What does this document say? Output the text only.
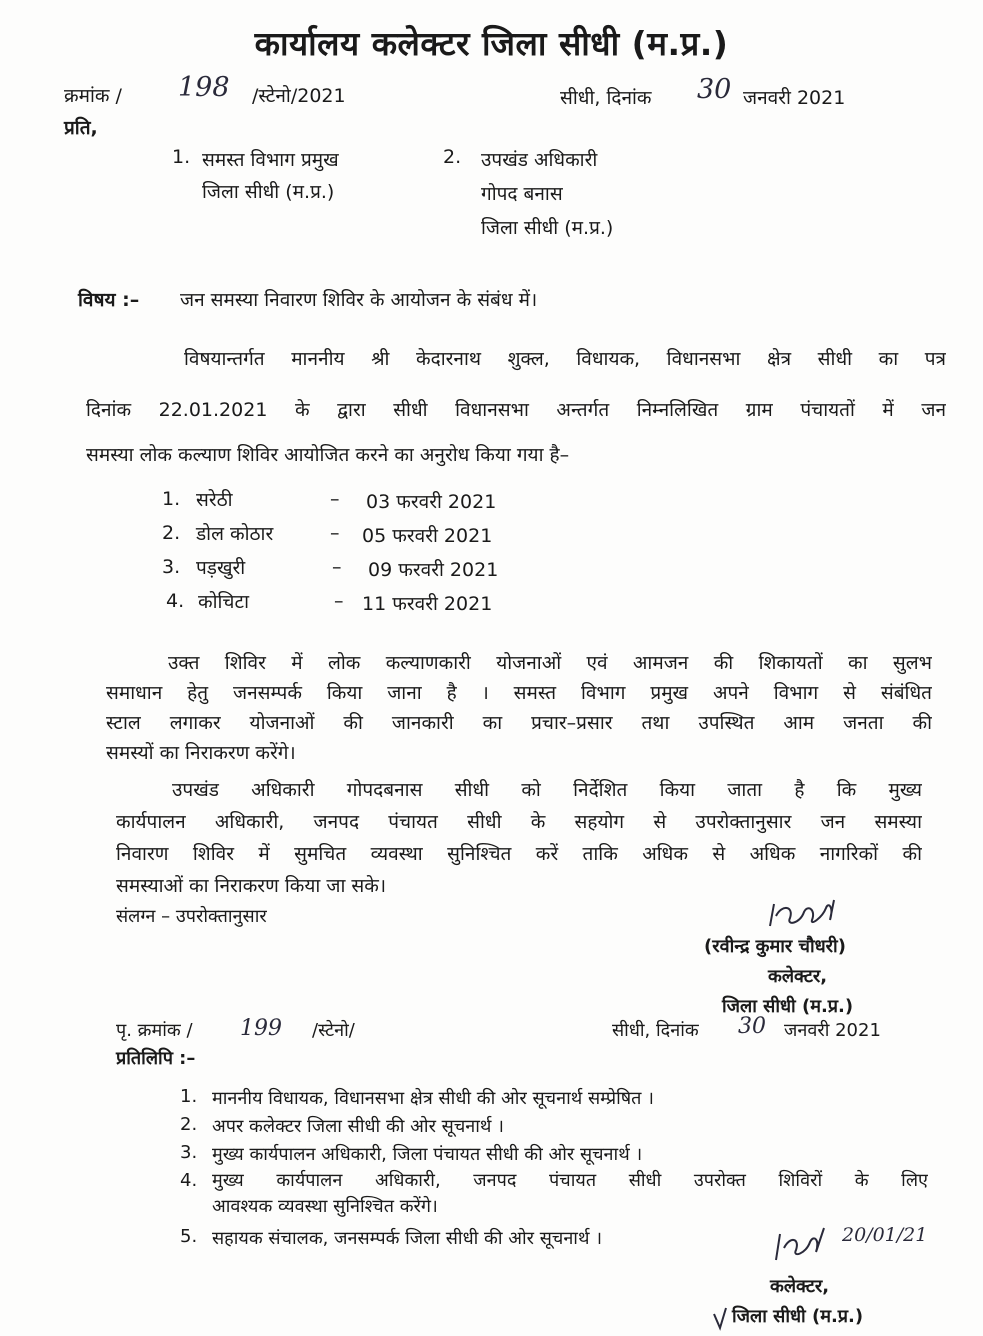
कार्यालय कलेक्टर जिला सीधी (म.प्र.)
क्रमांक / 198 /स्टेनो/2021	सीधी, दिनांक 30 जनवरी 2021
प्रति,
1. समस्त विभाग प्रमुख
जिला सीधी (म.प्र.)
2. उपखंड अधिकारी
गोपद बनास
जिला सीधी (म.प्र.)
विषय :– जन समस्या निवारण शिविर के आयोजन के संबंध में।
विषयान्तर्गत माननीय श्री केदारनाथ शुक्ल, विधायक, विधानसभा क्षेत्र सीधी का पत्र
दिनांक 22.01.2021 के द्वारा सीधी विधानसभा अन्तर्गत निम्नलिखित ग्राम पंचायतों में जन
समस्या लोक कल्याण शिविर आयोजित करने का अनुरोध किया गया है–
1. सरेठी	– 03 फरवरी 2021
2. डोल कोठार	– 05 फरवरी 2021
3. पड़खुरी	– 09 फरवरी 2021
4. कोचिटा	– 11 फरवरी 2021
उक्त शिविर में लोक कल्याणकारी योजनाओं एवं आमजन की शिकायतों का सुलभ
समाधान हेतु जनसम्पर्क किया जाना है । समस्त विभाग प्रमुख अपने विभाग से संबंधित
स्टाल लगाकर योजनाओं की जानकारी का प्रचार–प्रसार तथा उपस्थित आम जनता की
समस्यों का निराकरण करेंगे।
उपखंड अधिकारी गोपदबनास सीधी को निर्देशित किया जाता है कि मुख्य
कार्यपालन अधिकारी, जनपद पंचायत सीधी के सहयोग से उपरोक्तानुसार जन समस्या
निवारण शिविर में सुमचित व्यवस्था सुनिश्चित करें ताकि अधिक से अधिक नागरिकों की
समस्याओं का निराकरण किया जा सके।
संलग्न – उपरोक्तानुसार
(रवीन्द्र कुमार चौधरी)
कलेक्टर,
जिला सीधी (म.प्र.)
पृ. क्रमांक / 199 /स्टेनो/	सीधी, दिनांक 30 जनवरी 2021
प्रतिलिपि :–
1. माननीय विधायक, विधानसभा क्षेत्र सीधी की ओर सूचनार्थ सम्प्रेषित ।
2. अपर कलेक्टर जिला सीधी की ओर सूचनार्थ ।
3. मुख्य कार्यपालन अधिकारी, जिला पंचायत सीधी की ओर सूचनार्थ ।
4. मुख्य कार्यपालन अधिकारी, जनपद पंचायत सीधी उपरोक्त शिविरों के लिए
आवश्यक व्यवस्था सुनिश्चित करेंगे।
5. सहायक संचालक, जनसम्पर्क जिला सीधी की ओर सूचनार्थ ।	20/01/21
कलेक्टर,
जिला सीधी (म.प्र.)
